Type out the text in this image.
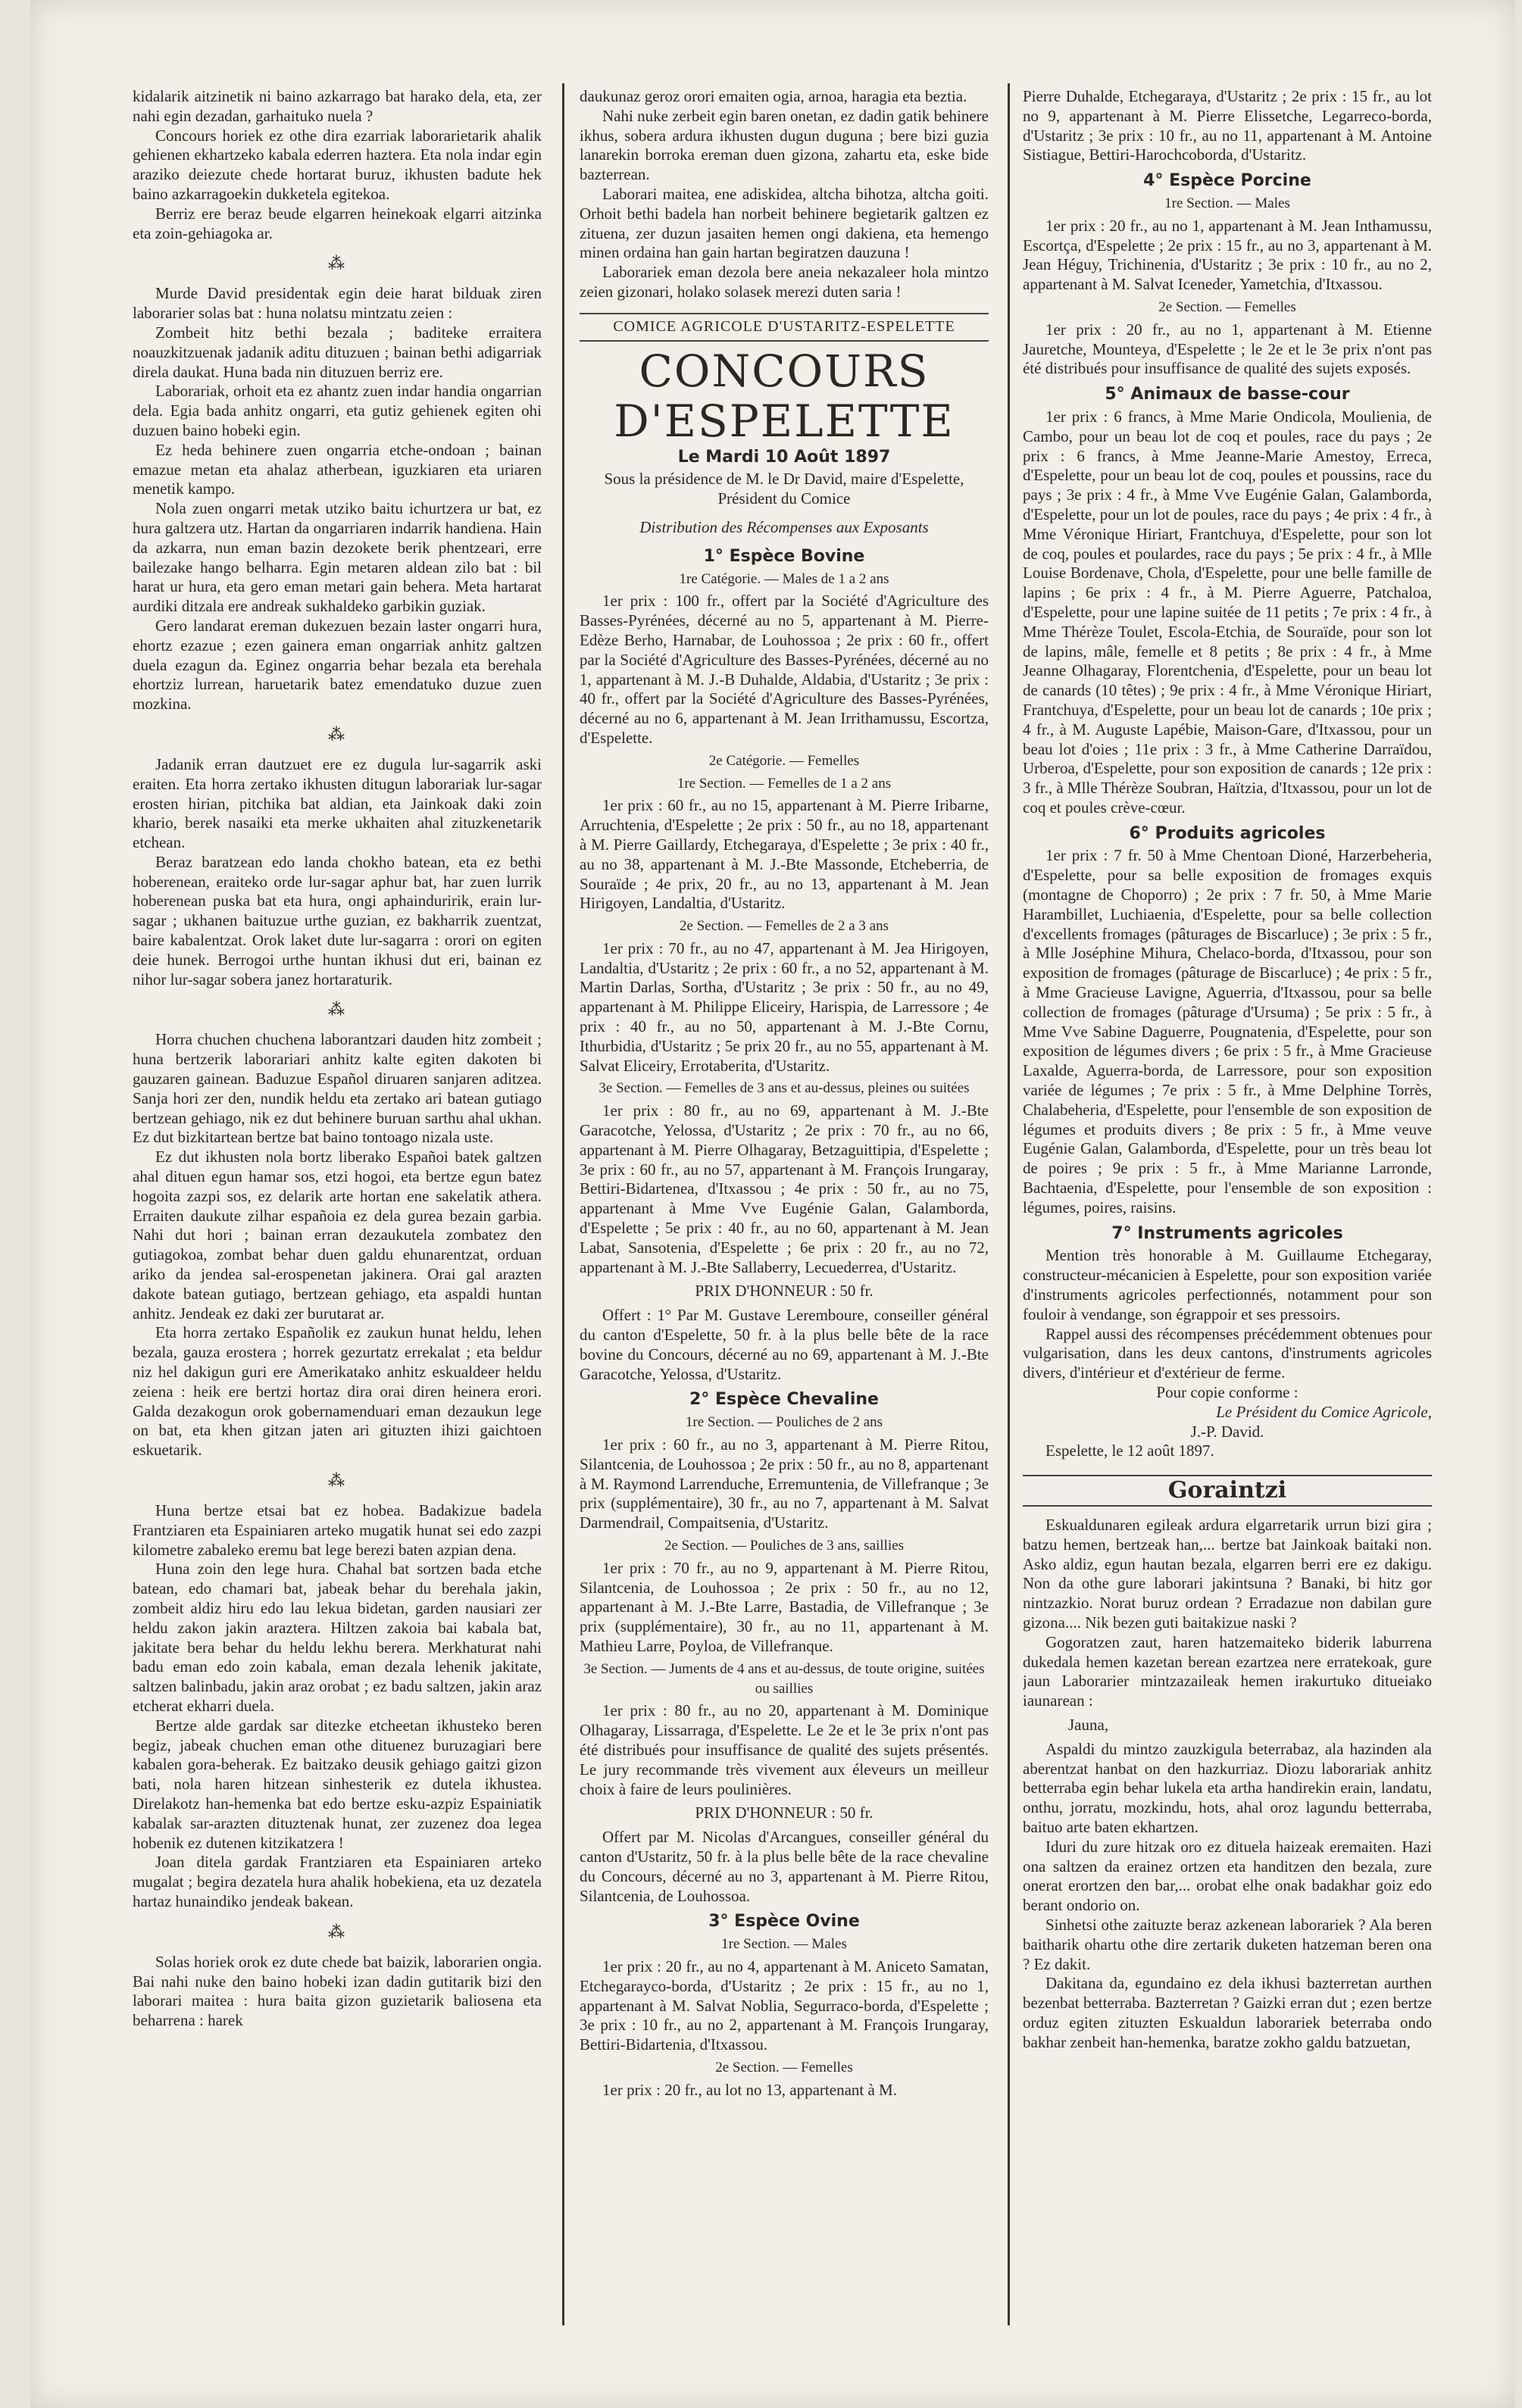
kidalarik aitzinetik ni baino azkarrago bat harako dela, eta, zer nahi egin dezadan, garhaituko nuela ?

Concours horiek ez othe dira ezarriak laborarietarik ahalik gehienen ekhartzeko kabala ederren haztera. Eta nola indar egin araziko deiezute chede hortarat buruz, ikhusten badute hek baino azkarragoekin dukketela egitekoa.

Berriz ere beraz beude elgarren heinekoak elgarri aitzinka eta zoin-gehiagoka ar.

⁂

Murde David presidentak egin deie harat bilduak ziren laborarier solas bat : huna nolatsu mintzatu zeien :

Zombeit hitz bethi bezala ; baditeke erraitera noauzkitzuenak jadanik aditu dituzuen ; bainan bethi adigarriak direla daukat. Huna bada nin dituzuen berriz ere.

Laborariak, orhoit eta ez ahantz zuen indar handia ongarrian dela. Egia bada anhitz ongarri, eta gutiz gehienek egiten ohi duzuen baino hobeki egin.

Ez heda behinere zuen ongarria etche-ondoan ; bainan emazue metan eta ahalaz atherbean, iguzkiaren eta uriaren menetik kampo.

Nola zuen ongarri metak utziko baitu ichurtzera ur bat, ez hura galtzera utz. Hartan da ongarriaren indarrik handiena. Hain da azkarra, nun eman bazin dezokete berik phentzeari, erre bailezake hango belharra. Egin metaren aldean zilo bat : bil harat ur hura, eta gero eman metari gain behera. Meta hartarat aurdiki ditzala ere andreak sukhaldeko garbikin guziak.

Gero landarat ereman dukezuen bezain laster ongarri hura, ehortz ezazue ; ezen gainera eman ongarriak anhitz galtzen duela ezagun da. Eginez ongarria behar bezala eta berehala ehortziz lurrean, haruetarik batez emendatuko duzue zuen mozkina.

⁂

Jadanik erran dautzuet ere ez dugula lur-sagarrik aski eraiten. Eta horra zertako ikhusten ditugun laborariak lur-sagar erosten hirian, pitchika bat aldian, eta Jainkoak daki zoin khario, berek nasaiki eta merke ukhaiten ahal zituzkenetarik etchean.

Beraz baratzean edo landa chokho batean, eta ez bethi hoberenean, eraiteko orde lur-sagar aphur bat, har zuen lurrik hoberenean puska bat eta hura, ongi aphainduririk, erain lur-sagar ; ukhanen baituzue urthe guzian, ez bakharrik zuentzat, baire kabalentzat. Orok laket dute lur-sagarra : orori on egiten deie hunek. Berrogoi urthe huntan ikhusi dut eri, bainan ez nihor lur-sagar sobera janez hortaraturik.

⁂

Horra chuchen chuchena laborantzari dauden hitz zombeit ; huna bertzerik laborariari anhitz kalte egiten dakoten bi gauzaren gainean. Baduzue Español diruaren sanjaren aditzea. Sanja hori zer den, nundik heldu eta zertako ari batean gutiago bertzean gehiago, nik ez dut behinere buruan sarthu ahal ukhan. Ez dut bizkitartean bertze bat baino tontoago nizala uste.

Ez dut ikhusten nola bortz liberako Españoi batek galtzen ahal dituen egun hamar sos, etzi hogoi, eta bertze egun batez hogoita zazpi sos, ez delarik arte hortan ene sakelatik athera. Erraiten daukute zilhar españoia ez dela gurea bezain garbia. Nahi dut hori ; bainan erran dezaukutela zombatez den gutiagokoa, zombat behar duen galdu ehunarentzat, orduan ariko da jendea sal-erospenetan jakinera. Orai gal arazten dakote batean gutiago, bertzean gehiago, eta aspaldi huntan anhitz. Jendeak ez daki zer burutarat ar.

Eta horra zertako Españolik ez zaukun hunat heldu, lehen bezala, gauza erostera ; horrek gezurtatz errekalat ; eta beldur niz hel dakigun guri ere Amerikatako anhitz eskualdeer heldu zeiena : heik ere bertzi hortaz dira orai diren heinera erori. Galda dezakogun orok gobernamenduari eman dezaukun lege on bat, eta khen gitzan jaten ari gituzten ihizi gaichtoen eskuetarik.

⁂

Huna bertze etsai bat ez hobea. Badakizue badela Frantziaren eta Espainiaren arteko mugatik hunat sei edo zazpi kilometre zabaleko eremu bat lege berezi baten azpian dena.

Huna zoin den lege hura. Chahal bat sortzen bada etche batean, edo chamari bat, jabeak behar du berehala jakin, zombeit aldiz hiru edo lau lekua bidetan, garden nausiari zer heldu zakon jakin araztera. Hiltzen zakoia bai kabala bat, jakitate bera behar du heldu lekhu berera. Merkhaturat nahi badu eman edo zoin kabala, eman dezala lehenik jakitate, saltzen balinbadu, jakin araz orobat ; ez badu saltzen, jakin araz etcherat ekharri duela.

Bertze alde gardak sar ditezke etcheetan ikhusteko beren begiz, jabeak chuchen eman othe dituenez buruzagiari bere kabalen gora-beherak. Ez baitzako deusik gehiago gaitzi gizon bati, nola haren hitzean sinhesterik ez dutela ikhustea. Direlakotz han-hemenka bat edo bertze esku-azpiz Espainiatik kabalak sar-arazten dituztenak hunat, zer zuzenez doa legea hobenik ez dutenen kitzikatzera !

Joan ditela gardak Frantziaren eta Espainiaren arteko mugalat ; begira dezatela hura ahalik hobekiena, eta uz dezatela hartaz hunaindiko jendeak bakean.

⁂

Solas horiek orok ez dute chede bat baizik, laborarien ongia. Bai nahi nuke den baino hobeki izan dadin gutitarik bizi den laborari maitea : hura baita gizon guzietarik baliosena eta beharrena : harek

daukunaz geroz orori emaiten ogia, arnoa, haragia eta beztia.

Nahi nuke zerbeit egin baren onetan, ez dadin gatik behinere ikhus, sobera ardura ikhusten dugun duguna ; bere bizi guzia lanarekin borroka ereman duen gizona, zahartu eta, eske bide bazterrean.

Laborari maitea, ene adiskidea, altcha bihotza, altcha goiti. Orhoit bethi badela han norbeit behinere begietarik galtzen ez zituena, zer duzun jasaiten hemen ongi dakiena, eta hemengo minen ordaina han gain hartan begiratzen dauzuna !

Laborariek eman dezola bere aneia nekazaleer hola mintzo zeien gizonari, holako solasek merezi duten saria !

COMICE AGRICOLE D'USTARITZ-ESPELETTE
CONCOURS D'ESPELETTE
Le Mardi 10 Août 1897

Sous la présidence de M. le Dr David, maire d'Espelette, Président du Comice

Distribution des Récompenses aux Exposants
1° Espèce Bovine
1re Catégorie. — Males de 1 a 2 ans

1er prix : 100 fr., offert par la Société d'Agriculture des Basses-Pyrénées, décerné au no 5, appartenant à M. Pierre-Edèze Berho, Harnabar, de Louhossoa ; 2e prix : 60 fr., offert par la Société d'Agriculture des Basses-Pyrénées, décerné au no 1, appartenant à M. J.-B Duhalde, Aldabia, d'Ustaritz ; 3e prix : 40 fr., offert par la Société d'Agriculture des Basses-Pyrénées, décerné au no 6, appartenant à M. Jean Irrithamussu, Escortza, d'Espelette.

2e Catégorie. — Femelles
1re Section. — Femelles de 1 a 2 ans

1er prix : 60 fr., au no 15, appartenant à M. Pierre Iribarne, Arruchtenia, d'Espelette ; 2e prix : 50 fr., au no 18, appartenant à M. Pierre Gaillardy, Etchegaraya, d'Espelette ; 3e prix : 40 fr., au no 38, appartenant à M. J.-Bte Massonde, Etcheberria, de Souraïde ; 4e prix, 20 fr., au no 13, appartenant à M. Jean Hirigoyen, Landaltia, d'Ustaritz.

2e Section. — Femelles de 2 a 3 ans

1er prix : 70 fr., au no 47, appartenant à M. Jea Hirigoyen, Landaltia, d'Ustaritz ; 2e prix : 60 fr., a no 52, appartenant à M. Martin Darlas, Sortha, d'Ustaritz ; 3e prix : 50 fr., au no 49, appartenant à M. Philippe Eliceiry, Harispia, de Larressore ; 4e prix : 40 fr., au no 50, appartenant à M. J.-Bte Cornu, Ithurbidia, d'Ustaritz ; 5e prix 20 fr., au no 55, appartenant à M. Salvat Eliceiry, Errotaberita, d'Ustaritz.

3e Section. — Femelles de 3 ans et au-dessus, pleines ou suitées

1er prix : 80 fr., au no 69, appartenant à M. J.-Bte Garacotche, Yelossa, d'Ustaritz ; 2e prix : 70 fr., au no 66, appartenant à M. Pierre Olhagaray, Betzaguittipia, d'Espelette ; 3e prix : 60 fr., au no 57, appartenant à M. François Irungaray, Bettiri-Bidartenea, d'Itxassou ; 4e prix : 50 fr., au no 75, appartenant à Mme Vve Eugénie Galan, Galamborda, d'Espelette ; 5e prix : 40 fr., au no 60, appartenant à M. Jean Labat, Sansotenia, d'Espelette ; 6e prix : 20 fr., au no 72, appartenant à M. J.-Bte Sallaberry, Lecuederrea, d'Ustaritz.

PRIX D'HONNEUR : 50 fr.

Offert : 1° Par M. Gustave Leremboure, conseiller général du canton d'Espelette, 50 fr. à la plus belle bête de la race bovine du Concours, décerné au no 69, appartenant à M. J.-Bte Garacotche, Yelossa, d'Ustaritz.

2° Espèce Chevaline
1re Section. — Pouliches de 2 ans

1er prix : 60 fr., au no 3, appartenant à M. Pierre Ritou, Silantcenia, de Louhossoa ; 2e prix : 50 fr., au no 8, appartenant à M. Raymond Larrenduche, Erremuntenia, de Villefranque ; 3e prix (supplémentaire), 30 fr., au no 7, appartenant à M. Salvat Darmendrail, Compaitsenia, d'Ustaritz.

2e Section. — Pouliches de 3 ans, saillies

1er prix : 70 fr., au no 9, appartenant à M. Pierre Ritou, Silantcenia, de Louhossoa ; 2e prix : 50 fr., au no 12, appartenant à M. J.-Bte Larre, Bastadia, de Villefranque ; 3e prix (supplémentaire), 30 fr., au no 11, appartenant à M. Mathieu Larre, Poyloa, de Villefranque.

3e Section. — Juments de 4 ans et au-dessus, de toute origine, suitées ou saillies

1er prix : 80 fr., au no 20, appartenant à M. Dominique Olhagaray, Lissarraga, d'Espelette. Le 2e et le 3e prix n'ont pas été distribués pour insuffisance de qualité des sujets présentés. Le jury recommande très vivement aux éleveurs un meilleur choix à faire de leurs poulinières.

PRIX D'HONNEUR : 50 fr.

Offert par M. Nicolas d'Arcangues, conseiller général du canton d'Ustaritz, 50 fr. à la plus belle bête de la race chevaline du Concours, décerné au no 3, appartenant à M. Pierre Ritou, Silantcenia, de Louhossoa.

3° Espèce Ovine
1re Section. — Males

1er prix : 20 fr., au no 4, appartenant à M. Aniceto Samatan, Etchegarayco-borda, d'Ustaritz ; 2e prix : 15 fr., au no 1, appartenant à M. Salvat Noblia, Segurraco-borda, d'Espelette ; 3e prix : 10 fr., au no 2, appartenant à M. François Irungaray, Bettiri-Bidartenia, d'Itxassou.

2e Section. — Femelles

1er prix : 20 fr., au lot no 13, appartenant à M.

Pierre Duhalde, Etchegaraya, d'Ustaritz ; 2e prix : 15 fr., au lot no 9, appartenant à M. Pierre Elissetche, Legarreco-borda, d'Ustaritz ; 3e prix : 10 fr., au no 11, appartenant à M. Antoine Sistiague, Bettiri-Harochcoborda, d'Ustaritz.

4° Espèce Porcine
1re Section. — Males

1er prix : 20 fr., au no 1, appartenant à M. Jean Inthamussu, Escortça, d'Espelette ; 2e prix : 15 fr., au no 3, appartenant à M. Jean Héguy, Trichinenia, d'Ustaritz ; 3e prix : 10 fr., au no 2, appartenant à M. Salvat Iceneder, Yametchia, d'Itxassou.

2e Section. — Femelles

1er prix : 20 fr., au no 1, appartenant à M. Etienne Jauretche, Mounteya, d'Espelette ; le 2e et le 3e prix n'ont pas été distribués pour insuffisance de qualité des sujets exposés.

5° Animaux de basse-cour

1er prix : 6 francs, à Mme Marie Ondicola, Moulienia, de Cambo, pour un beau lot de coq et poules, race du pays ; 2e prix : 6 francs, à Mme Jeanne-Marie Amestoy, Erreca, d'Espelette, pour un beau lot de coq, poules et poussins, race du pays ; 3e prix : 4 fr., à Mme Vve Eugénie Galan, Galamborda, d'Espelette, pour un lot de poules, race du pays ; 4e prix : 4 fr., à Mme Véronique Hiriart, Frantchuya, d'Espelette, pour son lot de coq, poules et poulardes, race du pays ; 5e prix : 4 fr., à Mlle Louise Bordenave, Chola, d'Espelette, pour une belle famille de lapins ; 6e prix : 4 fr., à M. Pierre Aguerre, Patchaloa, d'Espelette, pour une lapine suitée de 11 petits ; 7e prix : 4 fr., à Mme Thérèze Toulet, Escola-Etchia, de Souraïde, pour son lot de lapins, mâle, femelle et 8 petits ; 8e prix : 4 fr., à Mme Jeanne Olhagaray, Florentchenia, d'Espelette, pour un beau lot de canards (10 têtes) ; 9e prix : 4 fr., à Mme Véronique Hiriart, Frantchuya, d'Espelette, pour un beau lot de canards ; 10e prix ; 4 fr., à M. Auguste Lapébie, Maison-Gare, d'Itxassou, pour un beau lot d'oies ; 11e prix : 3 fr., à Mme Catherine Darraïdou, Urberoa, d'Espelette, pour son exposition de canards ; 12e prix : 3 fr., à Mlle Thérèze Soubran, Haïtzia, d'Itxassou, pour un lot de coq et poules crève-cœur.

6° Produits agricoles

1er prix : 7 fr. 50 à Mme Chentoan Dioné, Harzerbeheria, d'Espelette, pour sa belle exposition de fromages exquis (montagne de Choporro) ; 2e prix : 7 fr. 50, à Mme Marie Harambillet, Luchiaenia, d'Espelette, pour sa belle collection d'excellents fromages (pâturages de Biscarluce) ; 3e prix : 5 fr., à Mlle Joséphine Mihura, Chelaco-borda, d'Itxassou, pour son exposition de fromages (pâturage de Biscarluce) ; 4e prix : 5 fr., à Mme Gracieuse Lavigne, Aguerria, d'Itxassou, pour sa belle collection de fromages (pâturage d'Ursuma) ; 5e prix : 5 fr., à Mme Vve Sabine Daguerre, Pougnatenia, d'Espelette, pour son exposition de légumes divers ; 6e prix : 5 fr., à Mme Gracieuse Laxalde, Aguerra-borda, de Larressore, pour son exposition variée de légumes ; 7e prix : 5 fr., à Mme Delphine Torrès, Chalabeheria, d'Espelette, pour l'ensemble de son exposition de légumes et produits divers ; 8e prix : 5 fr., à Mme veuve Eugénie Galan, Galamborda, d'Espelette, pour un très beau lot de poires ; 9e prix : 5 fr., à Mme Marianne Larronde, Bachtaenia, d'Espelette, pour l'ensemble de son exposition : légumes, poires, raisins.

7° Instruments agricoles

Mention très honorable à M. Guillaume Etchegaray, constructeur-mécanicien à Espelette, pour son exposition variée d'instruments agricoles perfectionnés, notamment pour son fouloir à vendange, son égrappoir et ses pressoirs.

Rappel aussi des récompenses précédemment obtenues pour vulgarisation, dans les deux cantons, d'instruments agricoles divers, d'intérieur et d'extérieur de ferme.

Pour copie conforme :

Le Président du Comice Agricole,

J.-P. David.

Espelette, le 12 août 1897.

Goraintzi

Eskualdunaren egileak ardura elgarretarik urrun bizi gira ; batzu hemen, bertzeak han,... bertze bat Jainkoak baitaki non. Asko aldiz, egun hautan bezala, elgarren berri ere ez dakigu. Non da othe gure laborari jakintsuna ? Banaki, bi hitz gor nintzazkio. Norat buruz ordean ? Erradazue non dabilan gure gizona.... Nik bezen guti baitakizue naski ?

Gogoratzen zaut, haren hatzemaiteko biderik laburrena dukedala hemen kazetan berean ezartzea nere erratekoak, gure jaun Laborarier mintzazaileak hemen irakurtuko ditueiako iaunarean :

Jauna,

Aspaldi du mintzo zauzkigula beterrabaz, ala hazinden ala aberentzat hanbat on den hazkurriaz. Diozu laborariak anhitz betterraba egin behar lukela eta artha handirekin erain, landatu, onthu, jorratu, mozkindu, hots, ahal oroz lagundu betterraba, baituo arte baten ekhartzen.

Iduri du zure hitzak oro ez dituela haizeak eremaiten. Hazi ona saltzen da erainez ortzen eta handitzen den bezala, zure onerat erortzen den bar,... orobat elhe onak badakhar goiz edo berant ondorio on.

Sinhetsi othe zaituzte beraz azkenean laborariek ? Ala beren baitharik ohartu othe dire zertarik duketen hatzeman beren ona ? Ez dakit.

Dakitana da, egundaino ez dela ikhusi bazterretan aurthen bezenbat betterraba. Bazterretan ? Gaizki erran dut ; ezen bertze orduz egiten zituzten Eskualdun laborariek beterraba ondo bakhar zenbeit han-hemenka, baratze zokho galdu batzuetan,
